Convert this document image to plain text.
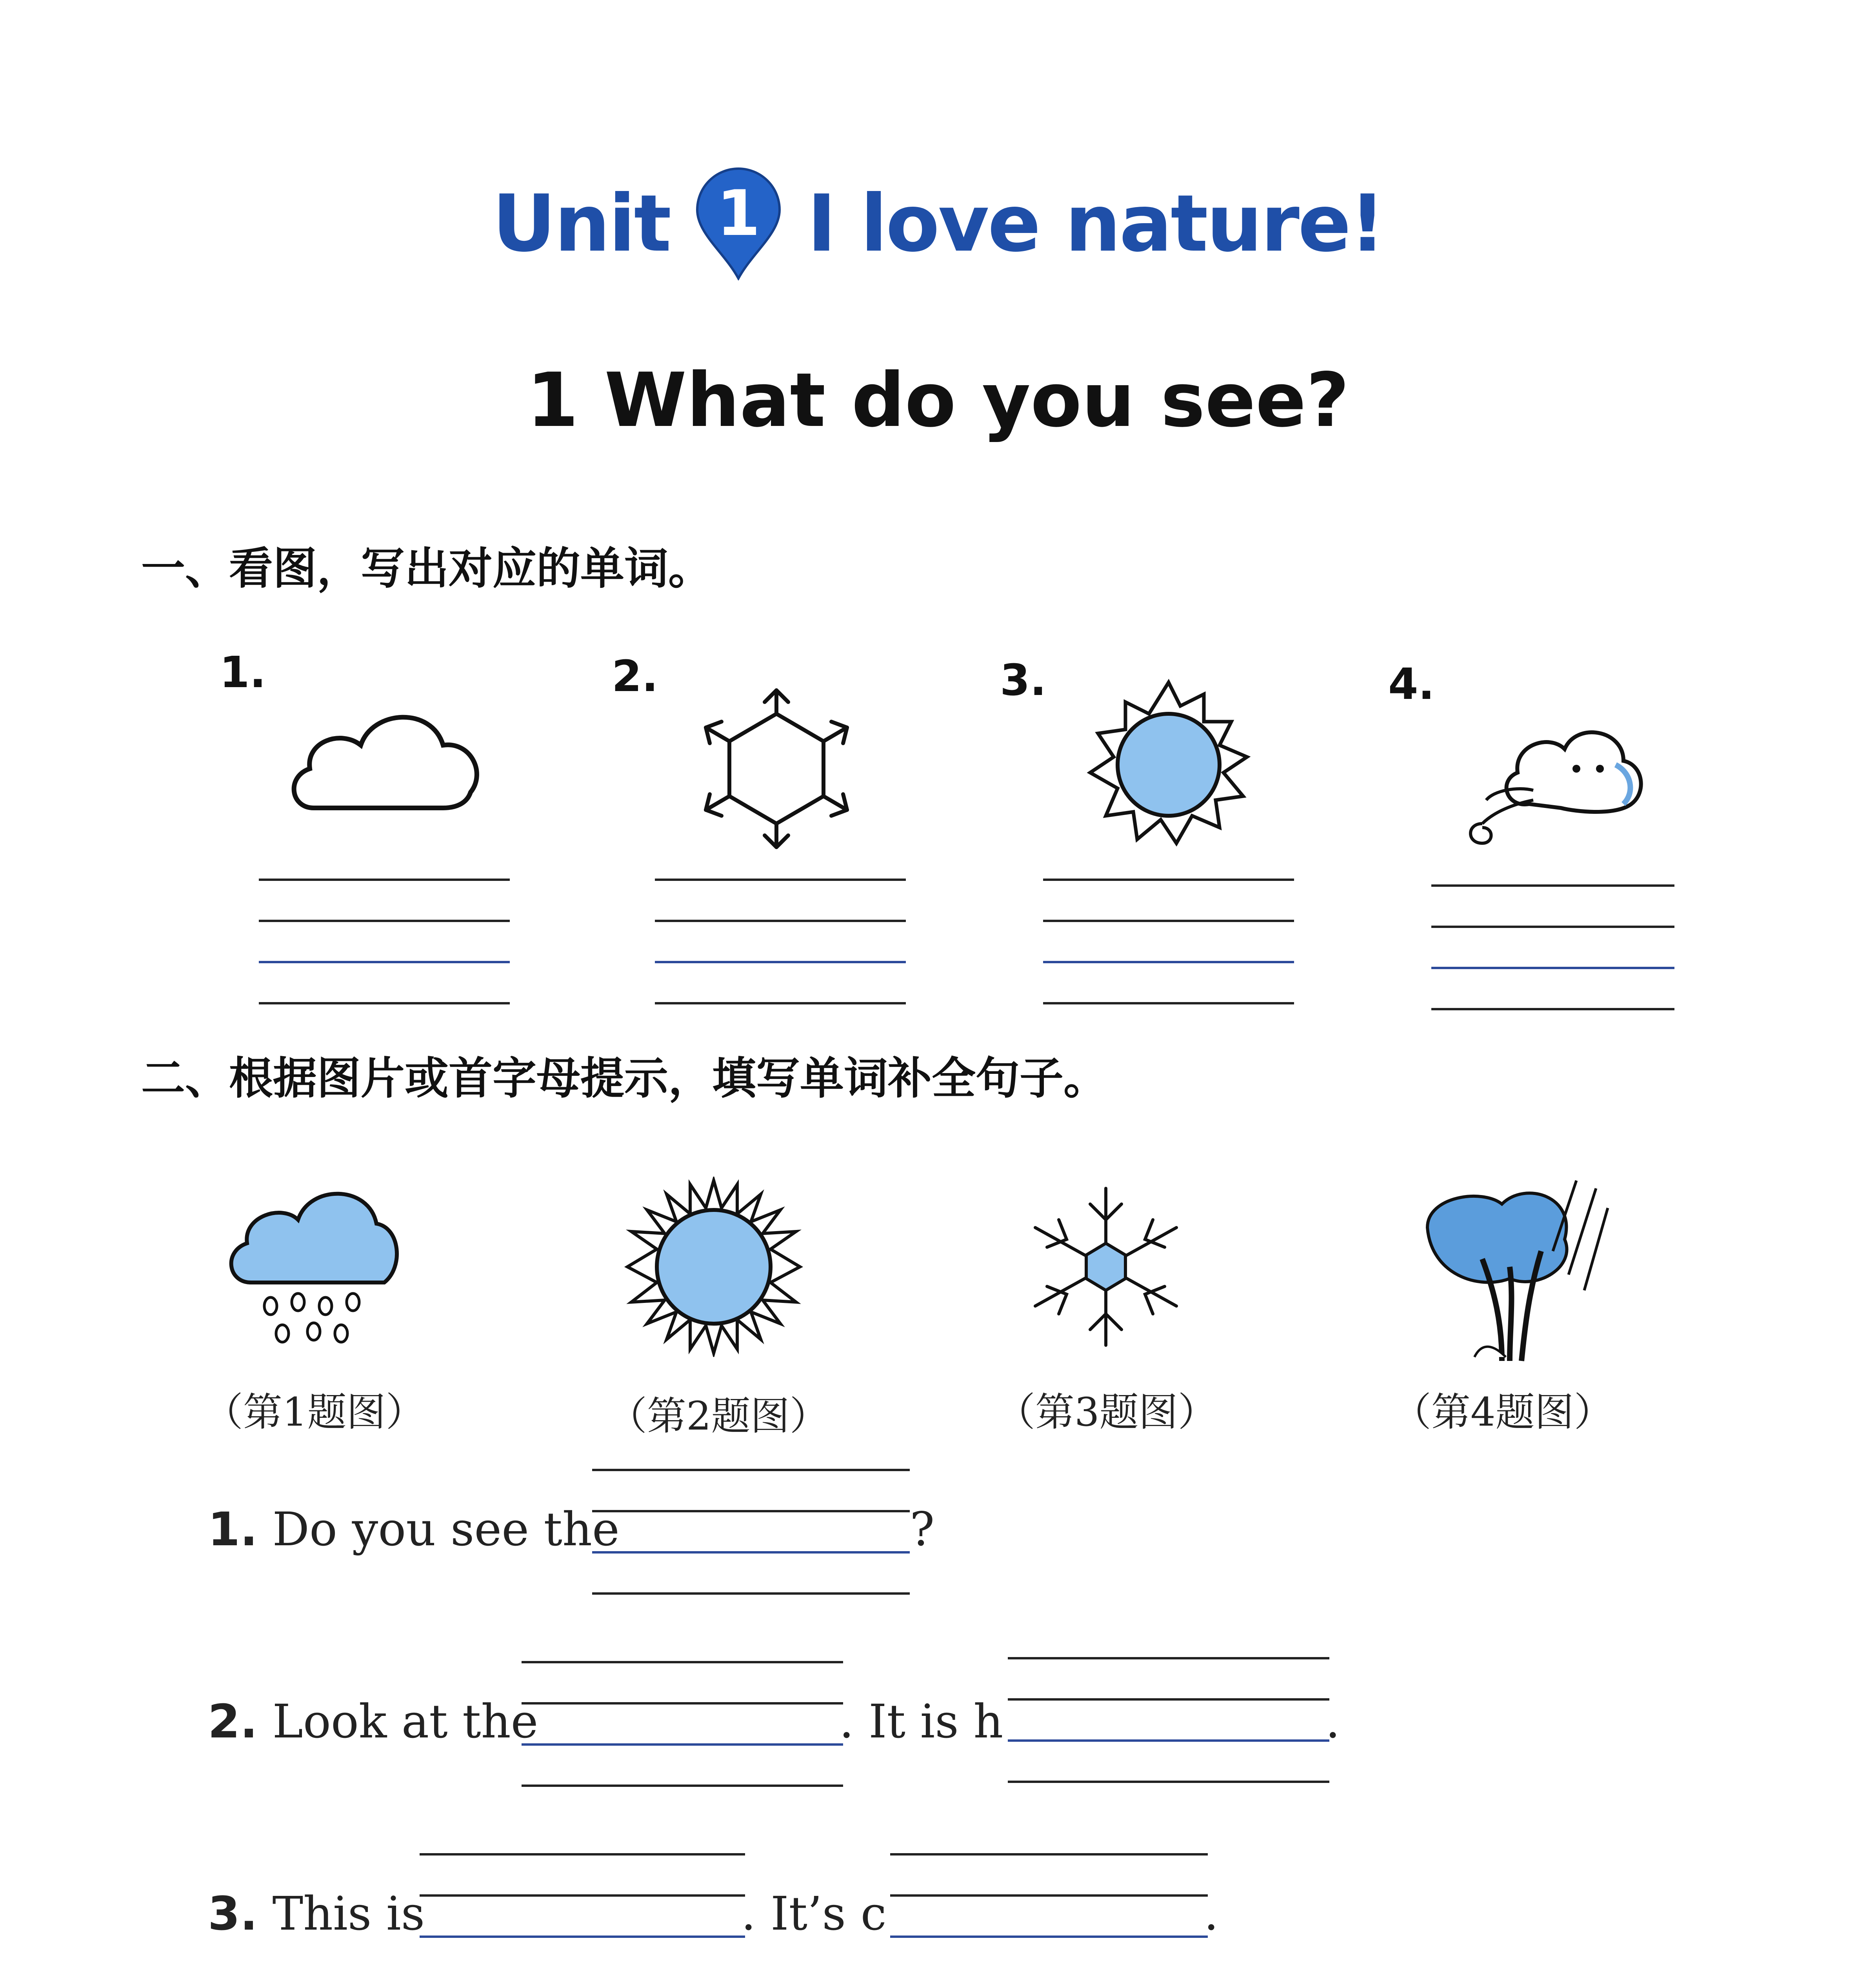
Unit 1 I love nature!
1 What do you see?
一、看图，写出对应的单词。
1.	2.	3.	4.
二、根据图片或首字母提示，填写单词补全句子。
（第1题图）	（第2题图）	（第3题图）	（第4题图）
1. Do you see the	?
2. Look at the	. It is h	.
3. This is	. It’s c	.
